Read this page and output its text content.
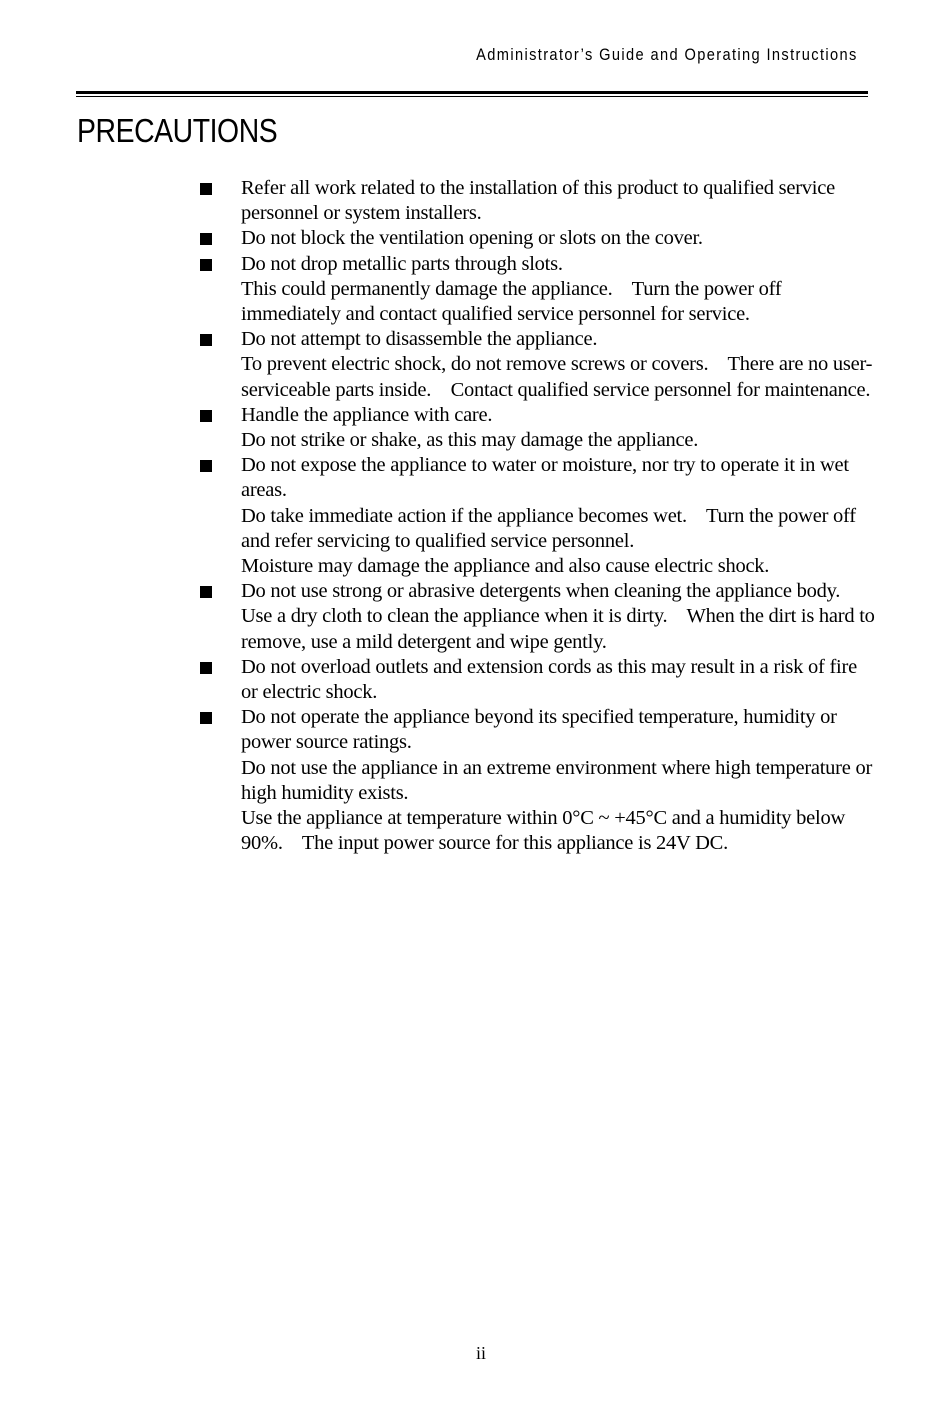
Administrator’s Guide and Operating Instructions
PRECAUTIONS
Refer all work related to the installation of this product to qualified service personnel or system installers.
Do not block the ventilation opening or slots on the cover.
Do not drop metallic parts through slots.
This could permanently damage the appliance.    Turn the power off immediately and contact qualified service personnel for service.
Do not attempt to disassemble the appliance.
To prevent electric shock, do not remove screws or covers.    There are no user-serviceable parts inside.    Contact qualified service personnel for maintenance.
Handle the appliance with care.
Do not strike or shake, as this may damage the appliance.
Do not expose the appliance to water or moisture, nor try to operate it in wet areas.
Do take immediate action if the appliance becomes wet.    Turn the power off and refer servicing to qualified service personnel.
Moisture may damage the appliance and also cause electric shock.
Do not use strong or abrasive detergents when cleaning the appliance body.
Use a dry cloth to clean the appliance when it is dirty.    When the dirt is hard to remove, use a mild detergent and wipe gently.
Do not overload outlets and extension cords as this may result in a risk of fire or electric shock.
Do not operate the appliance beyond its specified temperature, humidity or power source ratings.
Do not use the appliance in an extreme environment where high temperature or high humidity exists.
Use the appliance at temperature within 0°C ~ +45°C and a humidity below 90%.    The input power source for this appliance is 24V DC.
ii
